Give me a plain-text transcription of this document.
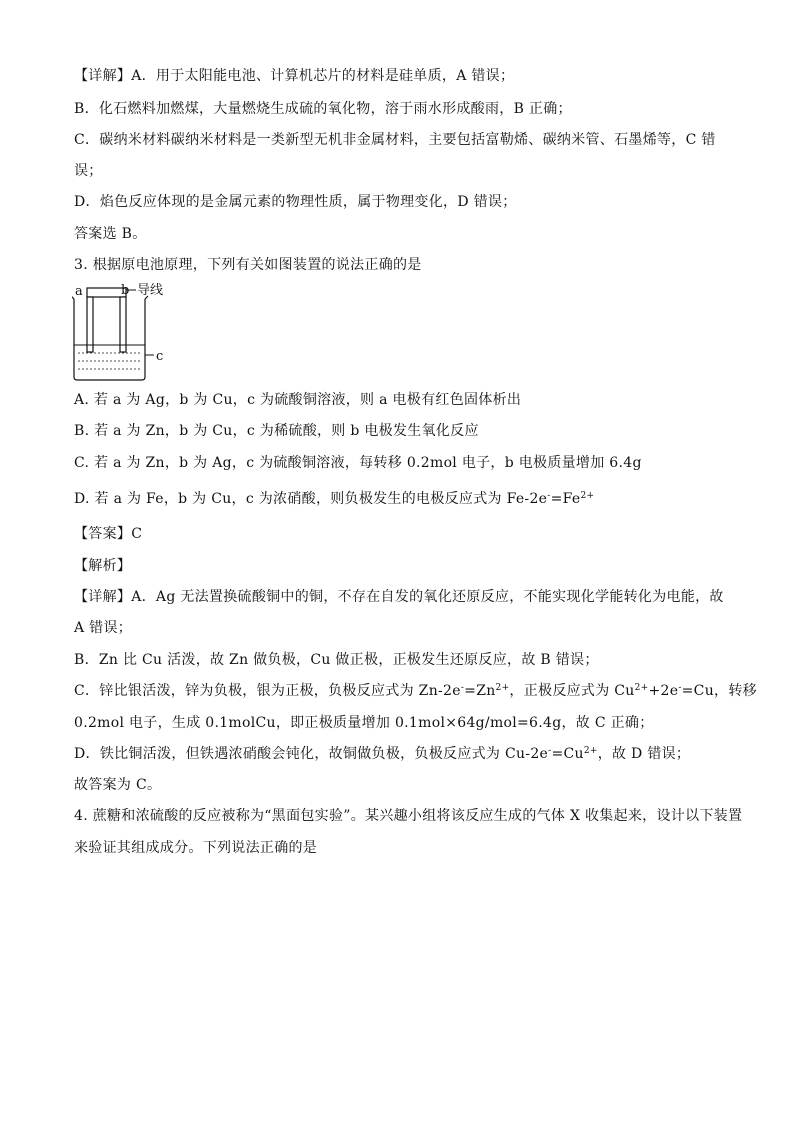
【详解】A．用于太阳能电池、计算机芯片的材料是硅单质，A 错误；
B．化石燃料加燃煤，大量燃烧生成硫的氧化物，溶于雨水形成酸雨，B 正确；
C．碳纳米材料碳纳米材料是一类新型无机非金属材料，主要包括富勒烯、碳纳米管、石墨烯等，C 错
误；
D．焰色反应体现的是金属元素的物理性质，属于物理变化，D 错误；
答案选 B。
3. 根据原电池原理，下列有关如图装置的说法正确的是
a	b 导线
c
A. 若 a 为 Ag，b 为 Cu，c 为硫酸铜溶液，则 a 电极有红色固体析出
B. 若 a 为 Zn，b 为 Cu，c 为稀硫酸，则 b 电极发生氧化反应
C. 若 a 为 Zn，b 为 Ag，c 为硫酸铜溶液，每转移 0.2mol 电子，b 电极质量增加 6.4g
D. 若 a 为 Fe，b 为 Cu，c 为浓硝酸，则负极发生的电极反应式为 $Fe-2e^-=Fe^{2+}$
【答案】C
【解析】
【详解】A．Ag 无法置换硫酸铜中的铜，不存在自发的氧化还原反应，不能实现化学能转化为电能，故
A 错误；
B．Zn 比 Cu 活泼，故 Zn 做负极，Cu 做正极，正极发生还原反应，故 B 错误；
C．锌比银活泼，锌为负极，银为正极，负极反应式为 $Zn-2e^-=Zn^{2+}$，正极反应式为 $Cu^{2+}+2e^-=Cu$，转移
0.2mol 电子，生成 0.1molCu，即正极质量增加 0.1mol×64g/mol=6.4g，故 C 正确；
D．铁比铜活泼，但铁遇浓硝酸会钝化，故铜做负极，负极反应式为 $Cu-2e^-=Cu^{2+}$，故 D 错误；
故答案为 C。
4. 蔗糖和浓硫酸的反应被称为“黑面包实验”。某兴趣小组将该反应生成的气体 X 收集起来，设计以下装置
来验证其组成成分。下列说法正确的是
